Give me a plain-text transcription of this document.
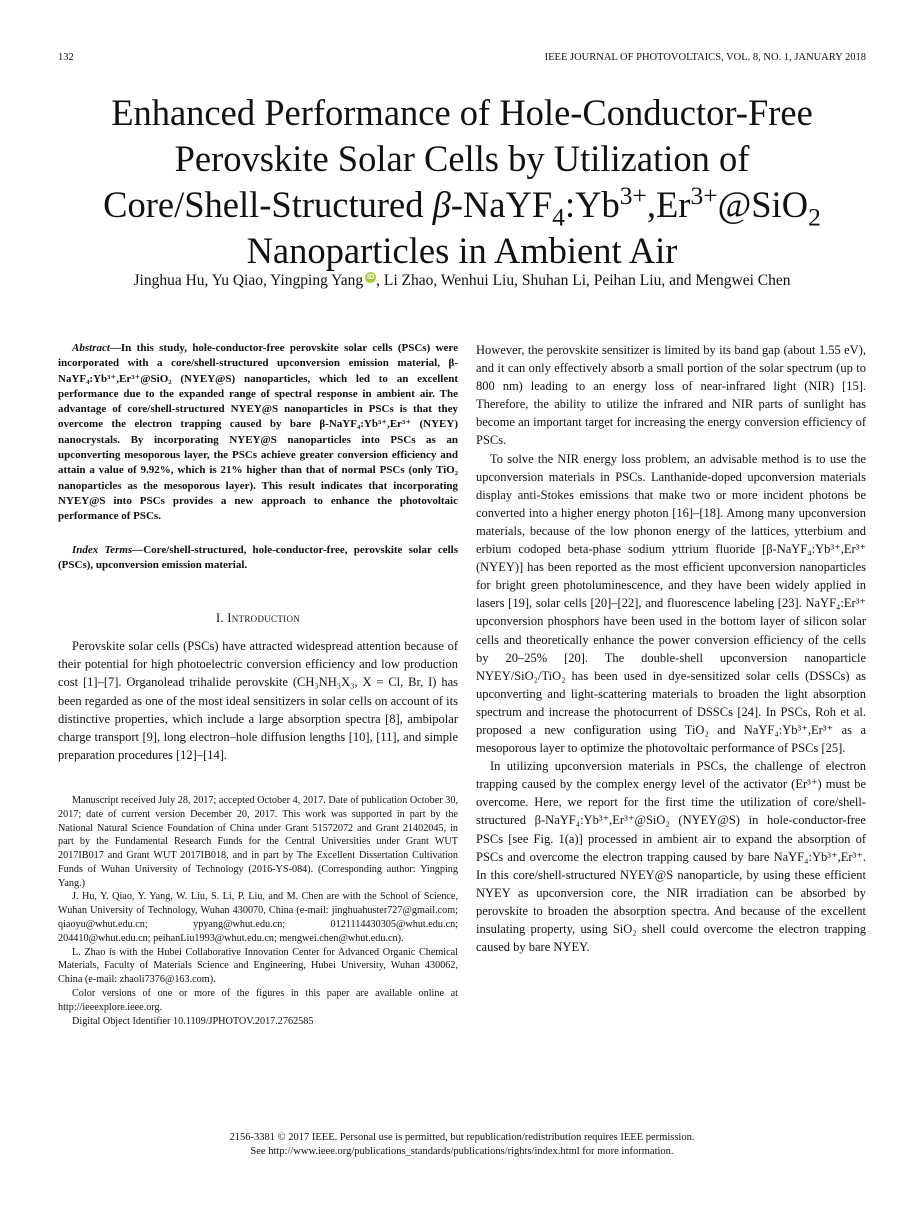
132	IEEE JOURNAL OF PHOTOVOLTAICS, VOL. 8, NO. 1, JANUARY 2018
Enhanced Performance of Hole-Conductor-Free
Perovskite Solar Cells by Utilization of
Core/Shell-Structured $\beta-NaYF_4:Yb^{3+},Er^{3+}@SiO_2$
Nanoparticles in Ambient Air
Jinghua Hu, Yu Qiao, Yingping Yang iD , Li Zhao, Wenhui Liu, Shuhan Li, Peihan Liu, and Mengwei Chen

Abstract—In this study, hole-conductor-free perovskite solar cells (PSCs) were incorporated with a core/shell-structured upconversion emission material, β-NaYF₄:Yb³⁺,Er³⁺@SiO₂ (NYEY@S) nanoparticles, which led to an excellent performance due to the expanded range of spectral response in ambient air. The advantage of core/shell-structured NYEY@S nanoparticles in PSCs is that they overcome the electron trapping caused by bare β-NaYF₄:Yb³⁺,Er³⁺ (NYEY) nanocrystals. By incorporating NYEY@S nanoparticles into PSCs as an upconverting mesoporous layer, the PSCs achieve greater conversion efficiency and attain a value of 9.92%, which is 21% higher than that of normal PSCs (only TiO₂ nanoparticles as the mesoporous layer). This result indicates that incorporating NYEY@S into PSCs provides a new approach to enhance the photovoltaic performance of PSCs.

Index Terms—Core/shell-structured, hole-conductor-free, perovskite solar cells (PSCs), upconversion emission material.

I. Introduction

Perovskite solar cells (PSCs) have attracted widespread attention because of their potential for high photoelectric conversion efficiency and low production cost [1]–[7]. Organolead trihalide perovskite (CH₃NH₃X₃, X = Cl, Br, I) has been regarded as one of the most ideal sensitizers in solar cells on account of its distinctive properties, which include a large absorption spectra [8], ambipolar charge transport [9], long electron–hole diffusion lengths [10], [11], and simple preparation procedures [12]–[14].

Manuscript received July 28, 2017; accepted October 4, 2017. Date of publication October 30, 2017; date of current version December 20, 2017. This work was supported in part by the National Natural Science Foundation of China under Grant 51572072 and Grant 21402045, in part by the Fundamental Research Funds for the Central Universities under Grant WUT 2017IB017 and Grant WUT 2017IB018, and in part by The Excellent Dissertation Cultivation Funds of Wuhan University of Technology (2016-YS-084). (Corresponding author: Yingping Yang.)

J. Hu, Y. Qiao, Y. Yang, W. Liu, S. Li, P. Liu, and M. Chen are with the School of Science, Wuhan University of Technology, Wuhan 430070, China (e-mail: jinghuahuster727@gmail.com; qiaoyu@whut.edu.cn; ypyang@whut.edu.cn; 0121114430305@whut.edu.cn; 204410@whut.edu.cn; peihanLiu1993@whut.edu.cn; mengwei.chen@whut.edu.cn).

L. Zhao is with the Hubei Collaborative Innovation Center for Advanced Organic Chemical Materials, Faculty of Materials Science and Engineering, Hubei University, Wuhan 430062, China (e-mail: zhaoli7376@163.com).

Color versions of one or more of the figures in this paper are available online at http://ieeexplore.ieee.org.

Digital Object Identifier 10.1109/JPHOTOV.2017.2762585

However, the perovskite sensitizer is limited by its band gap (about 1.55 eV), and it can only effectively absorb a small portion of the solar spectrum (up to 800 nm) leading to an energy loss of near-infrared light (NIR) [15]. Therefore, the ability to utilize the infrared and NIR parts of sunlight has become an important target for increasing the energy conversion efficiency of PSCs.

To solve the NIR energy loss problem, an advisable method is to use the upconversion materials in PSCs. Lanthanide-doped upconversion materials display anti-Stokes emissions that make two or more incident photons be converted into a higher energy photon [16]–[18]. Among many upconversion materials, because of the low phonon energy of the lattices, ytterbium and erbium codoped beta-phase sodium yttrium fluoride [β-NaYF₄:Yb³⁺,Er³⁺ (NYEY)] has been reported as the most efficient upconversion nanoparticles for bright green photoluminescence, and they have been widely applied in lasers [19], solar cells [20]–[22], and fluorescence labeling [23]. NaYF₄:Er³⁺ upconversion phosphors have been used in the bottom layer of silicon solar cells and theoretically enhance the power conversion efficiency of the cells by 20–25% [20]. The double-shell upconversion nanoparticle NYEY/SiO₂/TiO₂ has been used in dye-sensitized solar cells (DSSCs) as upconverting and light-scattering materials to broaden the light absorption spectrum and increase the photocurrent of DSSCs [24]. In PSCs, Roh et al. proposed a new configuration using TiO₂ and NaYF₄:Yb³⁺,Er³⁺ as a mesoporous layer to optimize the photovoltaic performance of PSCs [25].

In utilizing upconversion materials in PSCs, the challenge of electron trapping caused by the complex energy level of the activator (Er³⁺) must be overcome. Here, we report for the first time the utilization of core/shell-structured β-NaYF₄:Yb³⁺,Er³⁺@SiO₂ (NYEY@S) in hole-conductor-free PSCs [see Fig. 1(a)] processed in ambient air to expand the absorption of PSCs and overcome the electron trapping caused by bare NaYF₄:Yb³⁺,Er³⁺. In this core/shell-structured NYEY@S nanoparticle, by using these efficient NYEY as upconversion core, the NIR irradiation can be absorbed by perovskite to broaden the absorption spectra. And because of the excellent insulating property, using SiO₂ shell could overcome the electron trapping caused by bare NYEY.

2156-3381 © 2017 IEEE. Personal use is permitted, but republication/redistribution requires IEEE permission.
See http://www.ieee.org/publications_standards/publications/rights/index.html for more information.
